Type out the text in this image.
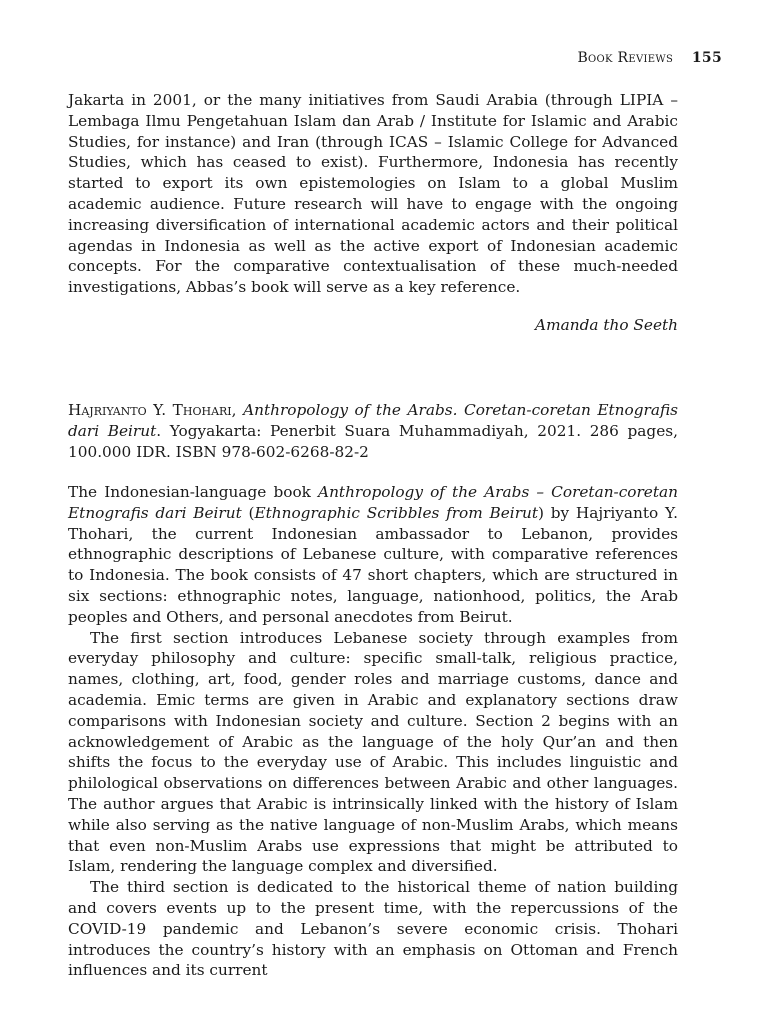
Book Reviews 155

Jakarta in 2001, or the many initiatives from Saudi Arabia (through LIPIA – Lembaga Ilmu Pengetahuan Islam dan Arab / Institute for Islamic and Arabic Studies, for instance) and Iran (through ICAS – Islamic College for Advanced Studies, which has ceased to exist). Furthermore, Indonesia has recently started to export its own epistemologies on Islam to a global Muslim academic audience. Future research will have to engage with the ongoing increasing diversification of international academic actors and their political agendas in Indonesia as well as the active export of Indonesian academic concepts. For the comparative contextualisation of these much-needed investigations, Abbas’s book will serve as a key reference.

Amanda tho Seeth

Hajriyanto Y. Thohari, Anthropology of the Arabs. Coretan-coretan Etnografis dari Beirut. Yogyakarta: Penerbit Suara Muhammadiyah, 2021. 286 pages, 100.000 IDR. ISBN 978-602-6268-82-2

The Indonesian-language book Anthropology of the Arabs – Coretan-coretan Etnografis dari Beirut (Ethnographic Scribbles from Beirut) by Hajriyanto Y. Thohari, the current Indonesian ambassador to Lebanon, provides ethnographic descriptions of Lebanese culture, with comparative references to Indonesia. The book consists of 47 short chapters, which are structured in six sections: ethnographic notes, language, nationhood, politics, the Arab peoples and Others, and personal anecdotes from Beirut.

The first section introduces Lebanese society through examples from everyday philosophy and culture: specific small-talk, religious practice, names, clothing, art, food, gender roles and marriage customs, dance and academia. Emic terms are given in Arabic and explanatory sections draw comparisons with Indonesian society and culture. Section 2 begins with an acknowledgement of Arabic as the language of the holy Qur’an and then shifts the focus to the everyday use of Arabic. This includes linguistic and philological observations on differences between Arabic and other languages. The author argues that Arabic is intrinsically linked with the history of Islam while also serving as the native language of non-Muslim Arabs, which means that even non-Muslim Arabs use expressions that might be attributed to Islam, rendering the language complex and diversified.

The third section is dedicated to the historical theme of nation building and covers events up to the present time, with the repercussions of the COVID-19 pandemic and Lebanon’s severe economic crisis. Thohari introduces the country’s history with an emphasis on Ottoman and French influences and its current
